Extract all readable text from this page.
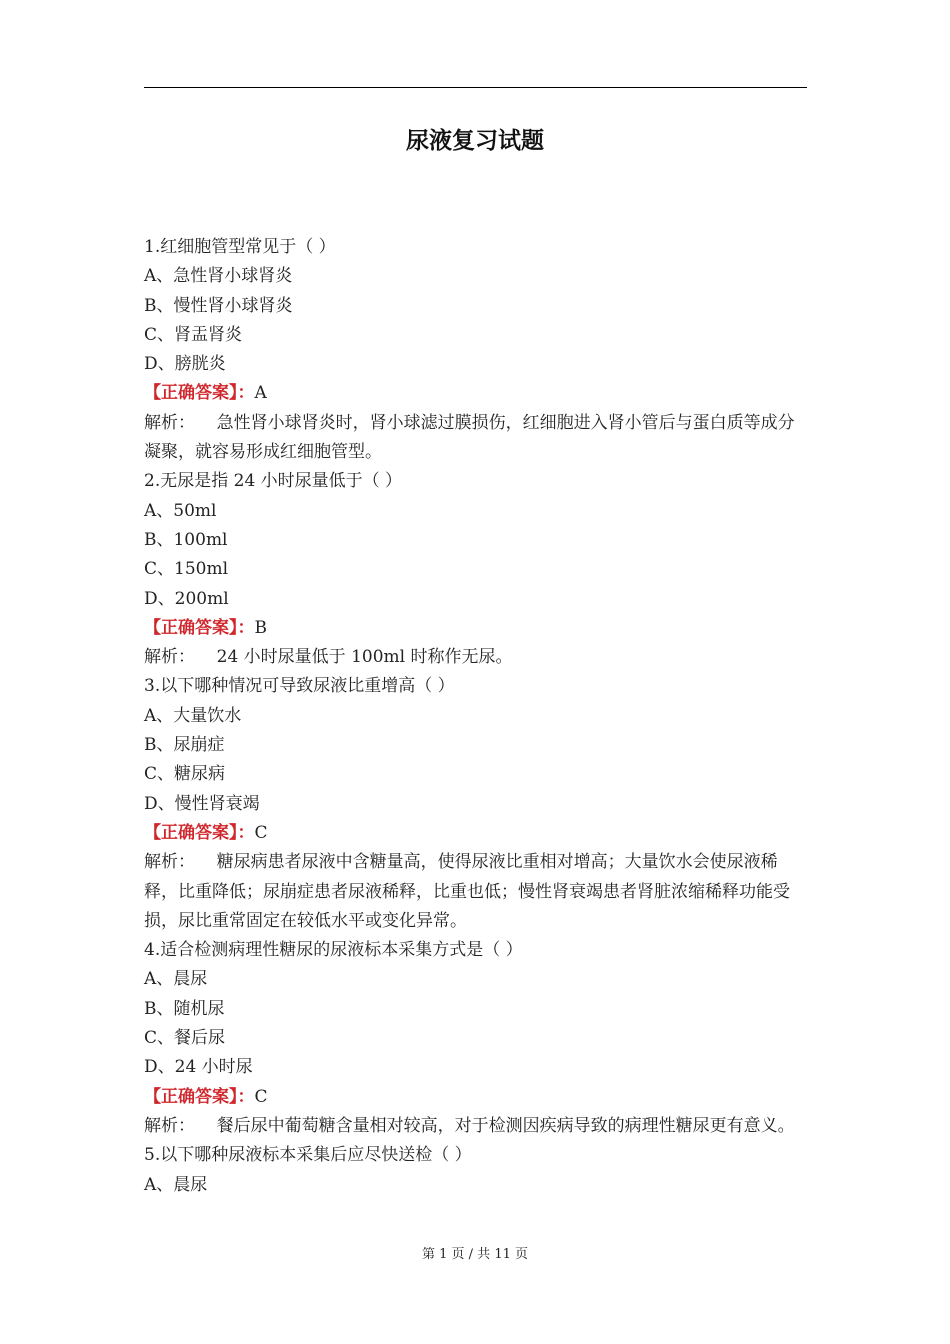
尿液复习试题
1.红细胞管型常见于（ ）
A、急性肾小球肾炎
B、慢性肾小球肾炎
C、肾盂肾炎
D、膀胱炎
【正确答案】：A
解析： 急性肾小球肾炎时，肾小球滤过膜损伤，红细胞进入肾小管后与蛋白质等成分凝聚，就容易形成红细胞管型。
2.无尿是指 24 小时尿量低于（ ）
A、50ml
B、100ml
C、150ml
D、200ml
【正确答案】：B
解析： 24 小时尿量低于 100ml 时称作无尿。
3.以下哪种情况可导致尿液比重增高（ ）
A、大量饮水
B、尿崩症
C、糖尿病
D、慢性肾衰竭
【正确答案】：C
解析： 糖尿病患者尿液中含糖量高，使得尿液比重相对增高；大量饮水会使尿液稀释，比重降低；尿崩症患者尿液稀释，比重也低；慢性肾衰竭患者肾脏浓缩稀释功能受损，尿比重常固定在较低水平或变化异常。
4.适合检测病理性糖尿的尿液标本采集方式是（ ）
A、晨尿
B、随机尿
C、餐后尿
D、24 小时尿
【正确答案】：C
解析： 餐后尿中葡萄糖含量相对较高，对于检测因疾病导致的病理性糖尿更有意义。
5.以下哪种尿液标本采集后应尽快送检（ ）
A、晨尿
第 1 页 / 共 11 页
